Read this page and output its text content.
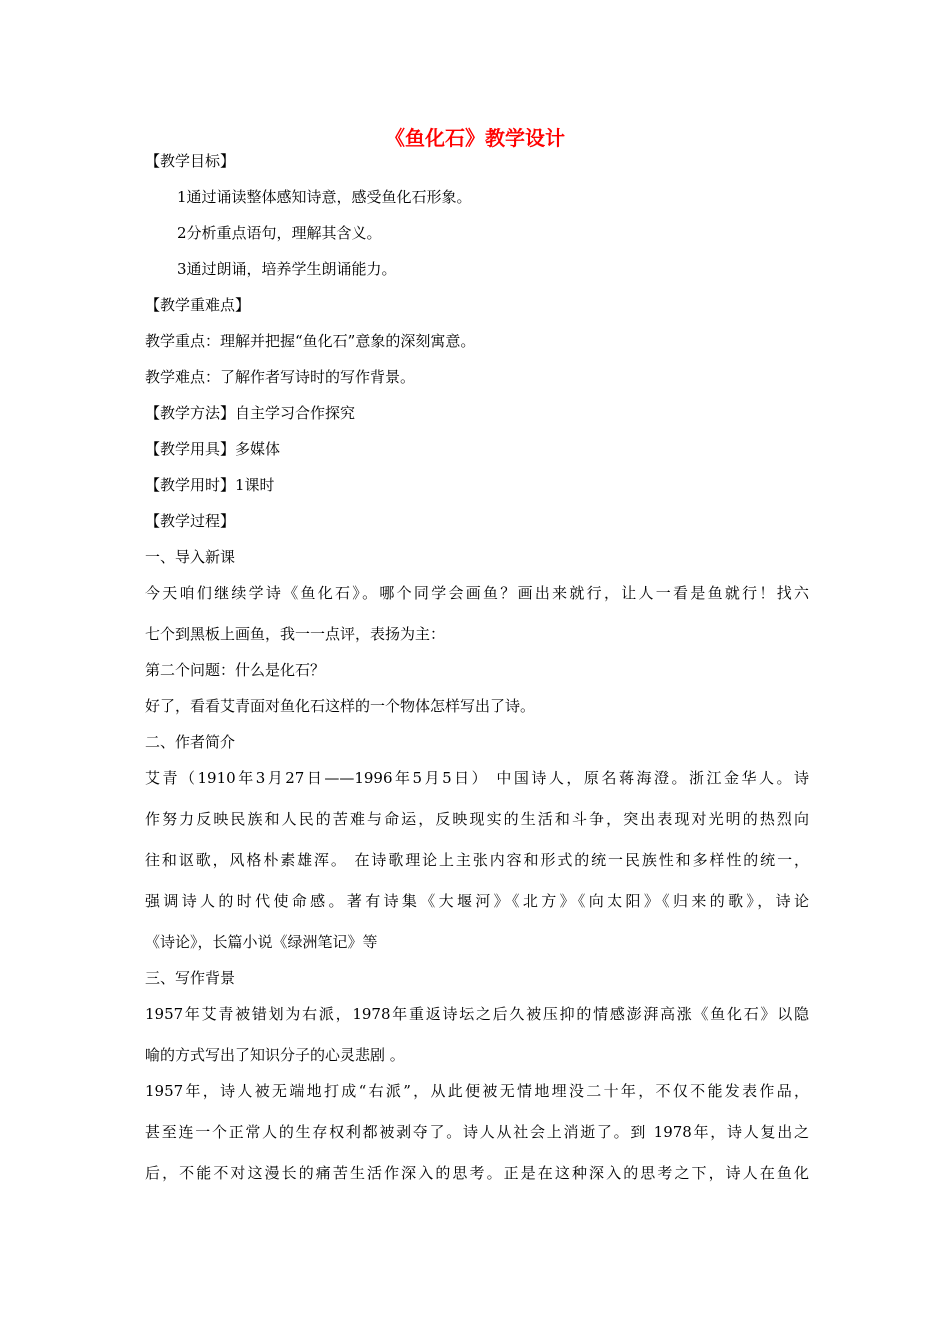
《鱼化石》教学设计

【教学目标】

1通过诵读整体感知诗意，感受鱼化石形象。

2分析重点语句，理解其含义。

3通过朗诵，培养学生朗诵能力。

【教学重难点】

教学重点：理解并把握“鱼化石”意象的深刻寓意。

教学难点：了解作者写诗时的写作背景。

【教学方法】自主学习合作探究

【教学用具】多媒体

【教学用时】1课时

【教学过程】

一、导入新课

今天咱们继续学诗《鱼化石》。哪个同学会画鱼？画出来就行，让人一看是鱼就行！找六

七个到黑板上画鱼，我一一点评，表扬为主：

第二个问题：什么是化石？

好了，看看艾青面对鱼化石这样的一个物体怎样写出了诗。

二、作者简介

艾青（1910年3月27日——1996年5月5日） 中国诗人，原名蒋海澄。浙江金华人。诗

作努力反映民族和人民的苦难与命运，反映现实的生活和斗争，突出表现对光明的热烈向

往和讴歌，风格朴素雄浑。 在诗歌理论上主张内容和形式的统一民族性和多样性的统一，

强调诗人的时代使命感。著有诗集《大堰河》《北方》《向太阳》《归来的歌》，诗论

《诗论》，长篇小说《绿洲笔记》等

三、写作背景

1957年艾青被错划为右派，1978年重返诗坛之后久被压抑的情感澎湃高涨《鱼化石》以隐

喻的方式写出了知识分子的心灵悲剧 。

1957年，诗人被无端地打成“右派”，从此便被无情地埋没二十年，不仅不能发表作品，

甚至连一个正常人的生存权利都被剥夺了。诗人从社会上消逝了。到 1978年，诗人复出之

后，不能不对这漫长的痛苦生活作深入的思考。正是在这种深入的思考之下，诗人在鱼化
